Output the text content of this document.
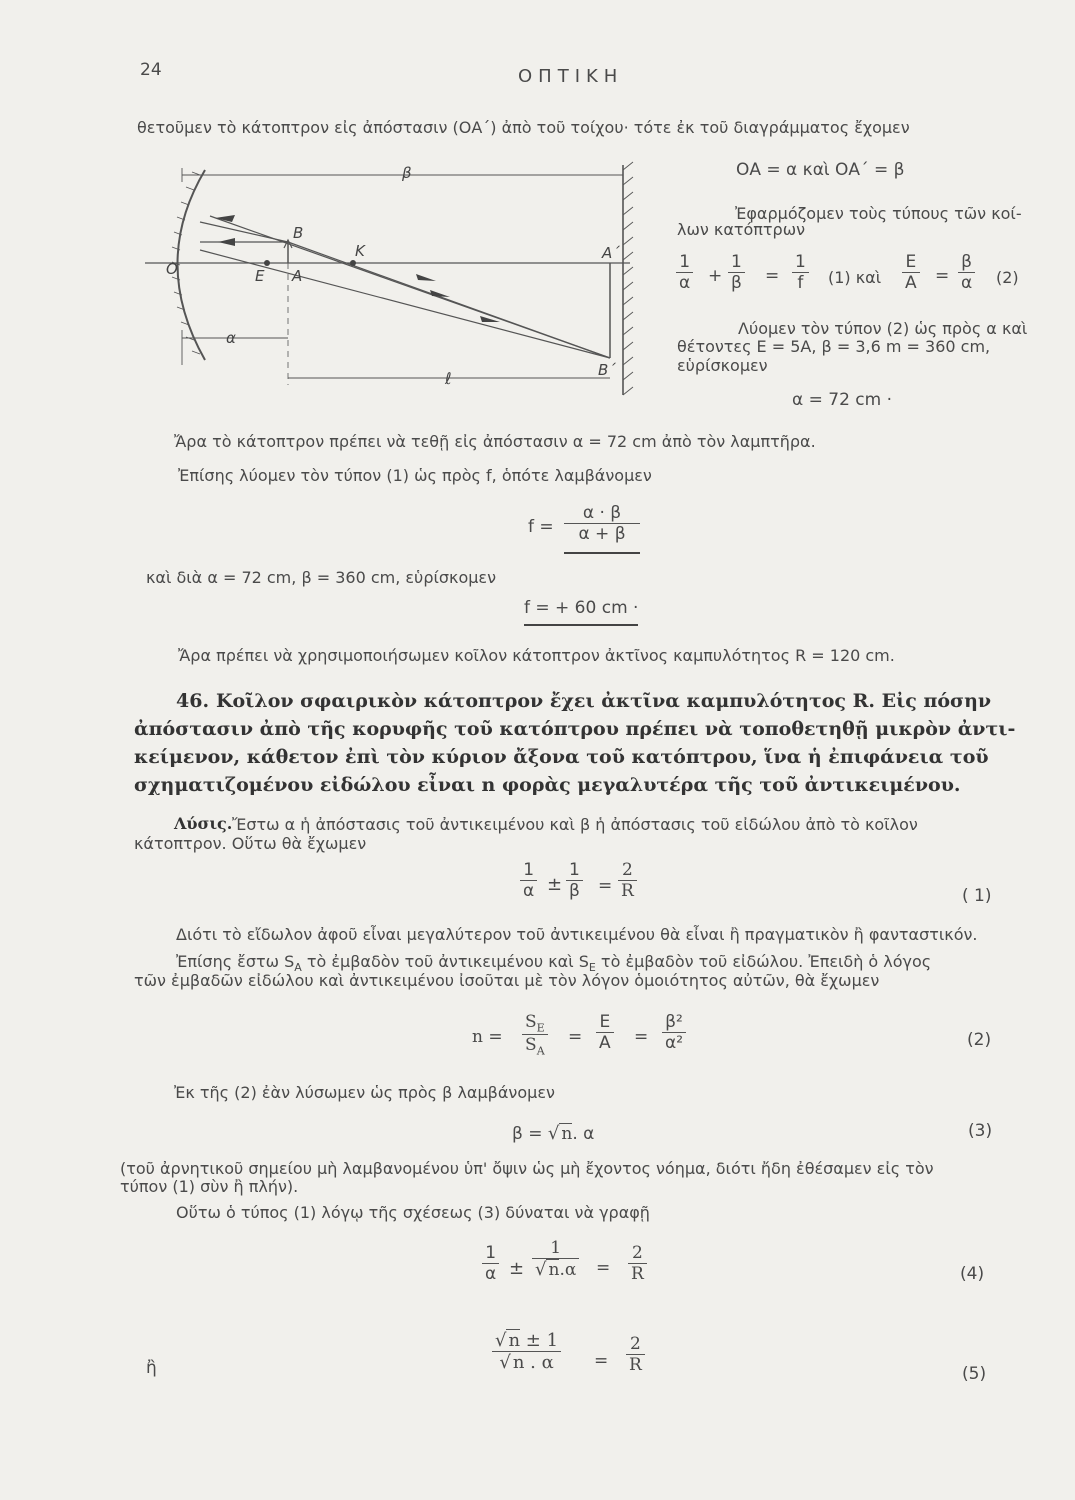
24	ΟΠΤΙΚΗ
θετοῦμεν τὸ κάτοπτρον εἰς ἀπόστασιν (ΟΑ΄) ἀπὸ τοῦ τοίχου· τότε ἐκ τοῦ διαγράμματος ἔχομεν
β
Β
Κ	Α΄
Ο	Ε Α
α
ℓ	Β΄
ΟΑ = α καὶ ΟΑ΄ = β
Ἐφαρμόζομεν τοὺς τύπους τῶν κοί-
λων κατόπτρων
$\frac{1}{\alpha} + \frac{1}{\beta} = \frac{1}{f} (1)$ καὶ $\frac{E}{A} = \frac{\beta}{\alpha} (2)$
Λύομεν τὸν τύπον (2) ὡς πρὸς α καὶ
θέτοντες Ε = 5Α, β = 3,6 m = 360 cm,
εὑρίσκομεν
α = 72 cm ·
Ἄρα τὸ κάτοπτρον πρέπει νὰ τεθῇ εἰς ἀπόστασιν α = 72 cm ἀπὸ τὸν λαμπτῆρα.
Ἐπίσης λύομεν τὸν τύπον (1) ὡς πρὸς f, ὁπότε λαμβάνομεν
$f = \frac{\alpha \cdot \beta}{\alpha + \beta}$
καὶ διὰ α = 72 cm, β = 360 cm, εὑρίσκομεν
f = + 60 cm ·
Ἄρα πρέπει νὰ χρησιμοποιήσωμεν κοῖλον κάτοπτρον ἀκτῖνος καμπυλότητος R = 120 cm.
46. Κοῖλον σφαιρικὸν κάτοπτρον ἔχει ἀκτῖνα καμπυλότητος R. Εἰς πόσην
ἀπόστασιν ἀπὸ τῆς κορυφῆς τοῦ κατόπτρου πρέπει νὰ τοποθετηθῇ μικρὸν ἀντι-
κείμενον, κάθετον ἐπὶ τὸν κύριον ἄξονα τοῦ κατόπτρου, ἵνα ἡ ἐπιφάνεια τοῦ
σχηματιζομένου εἰδώλου εἶναι n φορὰς μεγαλυτέρα τῆς τοῦ ἀντικειμένου.
Λύσις. Ἔστω α ἡ ἀπόστασις τοῦ ἀντικειμένου καὶ β ἡ ἀπόστασις τοῦ εἰδώλου ἀπὸ τὸ κοῖλον
κάτοπτρον. Οὕτω θὰ ἔχωμεν
$\frac{1}{\alpha} \pm \frac{1}{\beta} = \frac{2}{R}$	( 1)
Διότι τὸ εἴδωλον ἀφοῦ εἶναι μεγαλύτερον τοῦ ἀντικειμένου θὰ εἶναι ἢ πραγματικὸν ἢ φανταστικόν.
Ἐπίσης ἔστω $S_A$ τὸ ἐμβαδὸν τοῦ ἀντικειμένου καὶ $S_E$ τὸ ἐμβαδὸν τοῦ εἰδώλου. Ἐπειδὴ ὁ λόγος
τῶν ἐμβαδῶν εἰδώλου καὶ ἀντικειμένου ἰσοῦται μὲ τὸν λόγον ὁμοιότητος αὐτῶν, θὰ ἔχωμεν
$n = \frac{S_E}{S_A} = \frac{E}{A} = \frac{\text{β²}}{\text{α²}}$	(2)
Ἐκ τῆς (2) ἐὰν λύσωμεν ὡς πρὸς β λαμβάνομεν
β = √ n. α	(3)
(τοῦ ἀρνητικοῦ σημείου μὴ λαμβανομένου ὑπ' ὄψιν ὡς μὴ ἔχοντος νόημα, διότι ἤδη ἐθέσαμεν εἰς τὸν
τύπον (1) σὺν ἢ πλήν).
Οὕτω ὁ τύπος (1) λόγῳ τῆς σχέσεως (3) δύναται νὰ γραφῇ
$\frac{1}{\alpha} \pm \frac{1}{√ n.\alpha} = \frac{2}{R}$	(4)
ἢ	$\frac{√ n \pm 1}{√ n . \alpha} = \frac{2}{R}$	(5)
